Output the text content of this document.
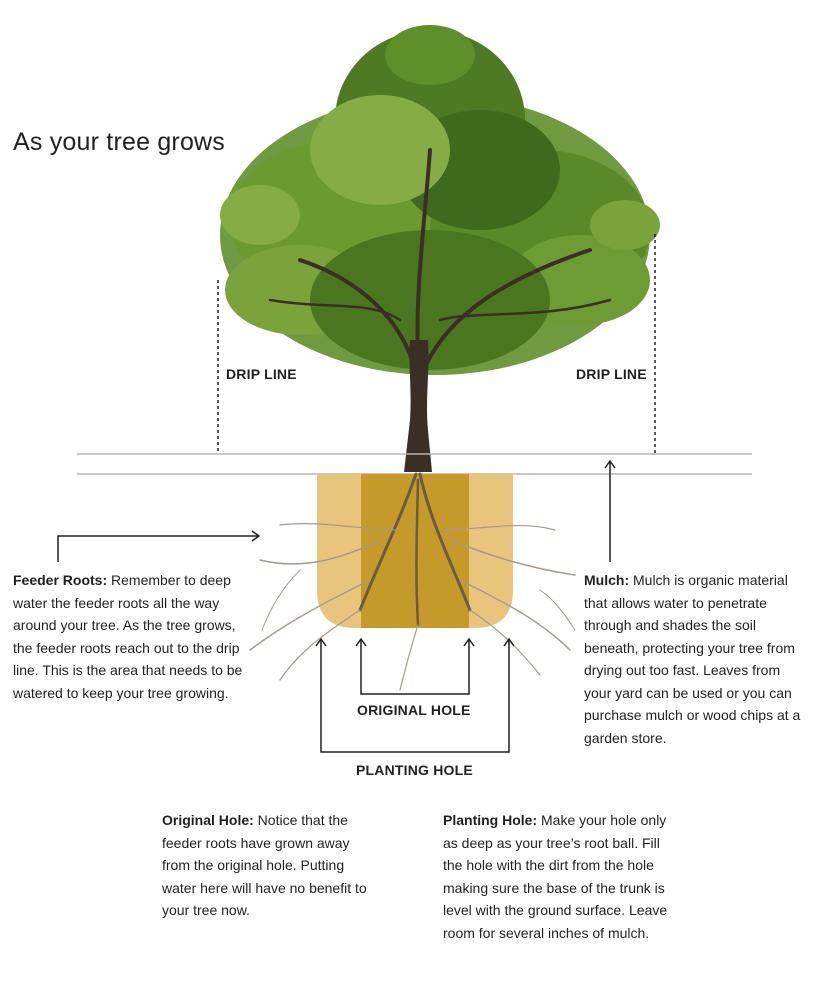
As your tree grows
DRIP LINE	DRIP LINE
ORIGINAL HOLE
PLANTING HOLE
Feeder Roots: Remember to deep water the feeder roots all the way around your tree. As the tree grows, the feeder roots reach out to the drip line. This is the area that needs to be watered to keep your tree growing.
Mulch: Mulch is organic material that allows water to penetrate through and shades the soil beneath, protecting your tree from drying out too fast. Leaves from your yard can be used or you can purchase mulch or wood chips at a garden store.
Original Hole: Notice that the feeder roots have grown away from the original hole. Putting water here will have no benefit to your tree now.
Planting Hole: Make your hole only as deep as your tree’s root ball. Fill the hole with the dirt from the hole making sure the base of the trunk is level with the ground surface. Leave room for several inches of mulch.
